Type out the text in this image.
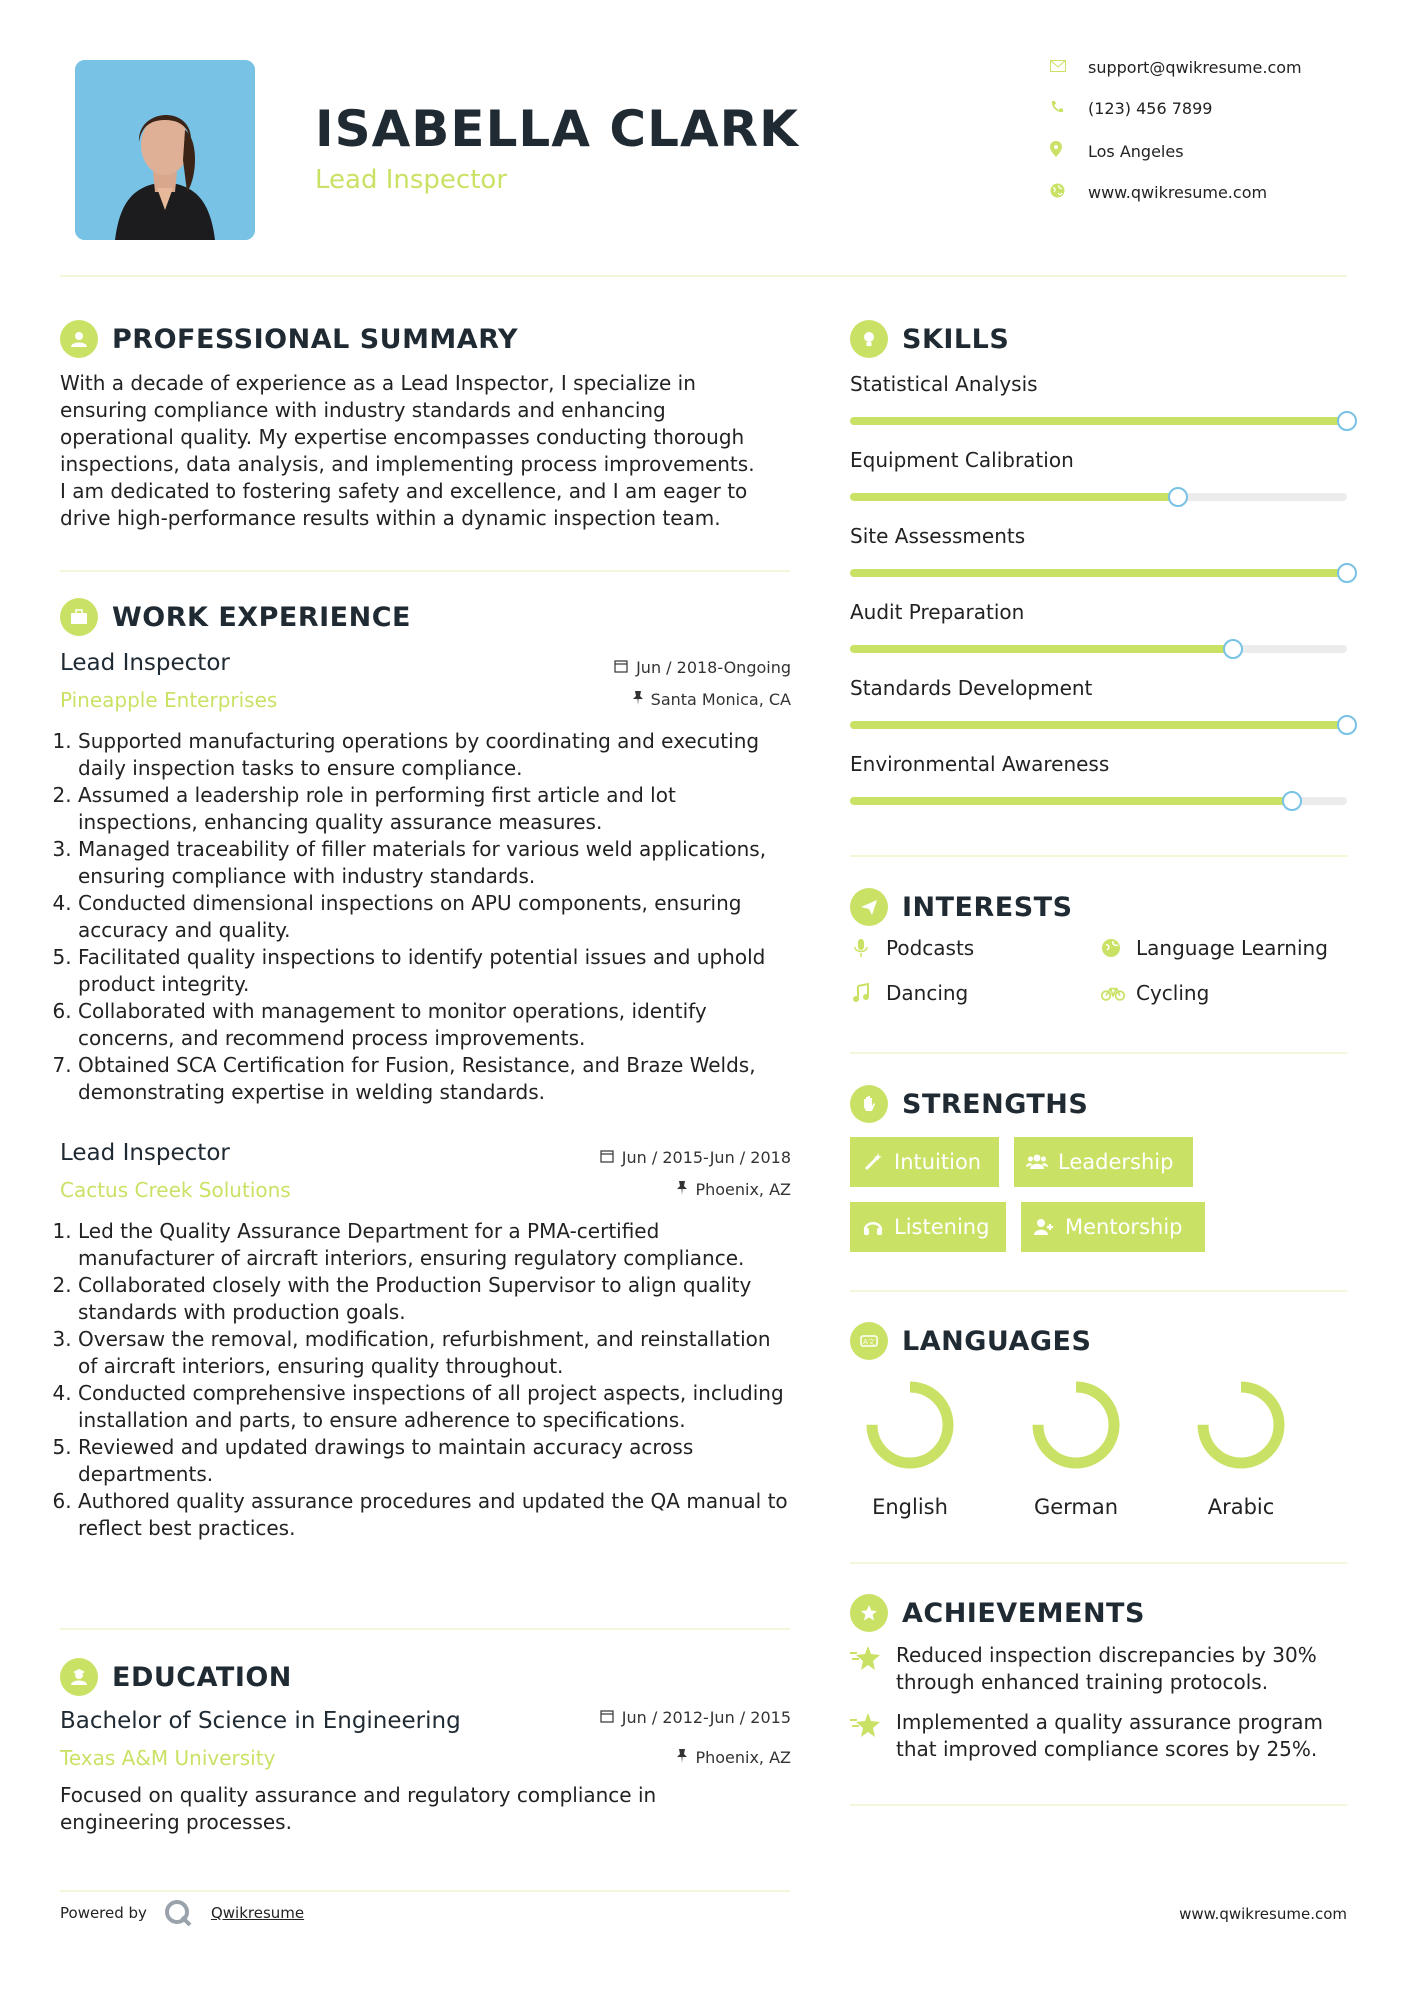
ISABELLA CLARK
Lead Inspector
support@qwikresume.com
(123) 456 7899
Los Angeles
www.qwikresume.com
PROFESSIONAL SUMMARY
With a decade of experience as a Lead Inspector, I specialize in
ensuring compliance with industry standards and enhancing
operational quality. My expertise encompasses conducting thorough
inspections, data analysis, and implementing process improvements.
I am dedicated to fostering safety and excellence, and I am eager to
drive high-performance results within a dynamic inspection team.
WORK EXPERIENCE
Lead Inspector
Pineapple Enterprises
Jun / 2018-Ongoing
Santa Monica, CA
1. Supported manufacturing operations by coordinating and executing daily inspection tasks to ensure compliance.
2. Assumed a leadership role in performing first article and lot inspections, enhancing quality assurance measures.
3. Managed traceability of filler materials for various weld applications, ensuring compliance with industry standards.
4. Conducted dimensional inspections on APU components, ensuring accuracy and quality.
5. Facilitated quality inspections to identify potential issues and uphold product integrity.
6. Collaborated with management to monitor operations, identify concerns, and recommend process improvements.
7. Obtained SCA Certification for Fusion, Resistance, and Braze Welds, demonstrating expertise in welding standards.
Lead Inspector
Cactus Creek Solutions
Jun / 2015-Jun / 2018
Phoenix, AZ
1. Led the Quality Assurance Department for a PMA-certified manufacturer of aircraft interiors, ensuring regulatory compliance.
2. Collaborated closely with the Production Supervisor to align quality standards with production goals.
3. Oversaw the removal, modification, refurbishment, and reinstallation of aircraft interiors, ensuring quality throughout.
4. Conducted comprehensive inspections of all project aspects, including installation and parts, to ensure adherence to specifications.
5. Reviewed and updated drawings to maintain accuracy across departments.
6. Authored quality assurance procedures and updated the QA manual to reflect best practices.
EDUCATION
Bachelor of Science in Engineering
Texas A&M University
Jun / 2012-Jun / 2015
Phoenix, AZ
Focused on quality assurance and regulatory compliance in
engineering processes.
SKILLS
Statistical Analysis
Equipment Calibration
Site Assessments
Audit Preparation
Standards Development
Environmental Awareness
INTERESTS
Podcasts	Language Learning
Dancing	Cycling
STRENGTHS
Intuition	Leadership
Listening	Mentorship
A文 LANGUAGES
English	German	Arabic
ACHIEVEMENTS
Reduced inspection discrepancies by 30%
through enhanced training protocols.
Implemented a quality assurance program
that improved compliance scores by 25%.
Powered by	Qwikresume	www.qwikresume.com
